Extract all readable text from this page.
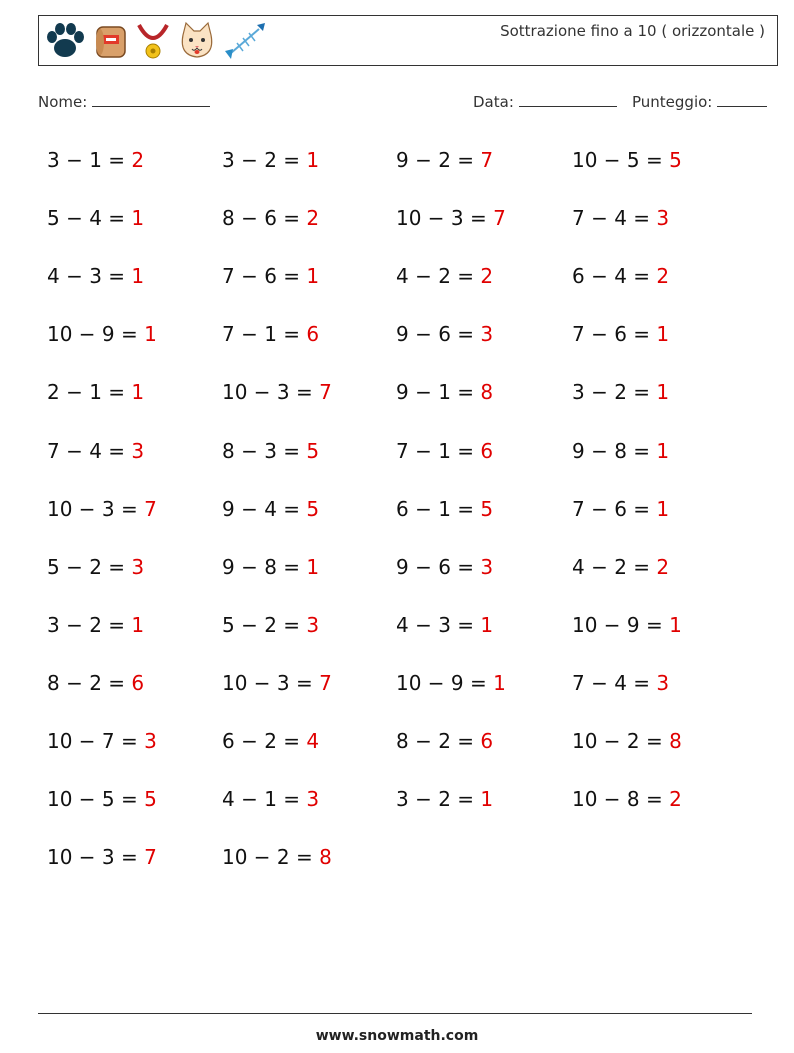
Sottrazione fino a 10 ( orizzontale )
Nome:	Data:	Punteggio:
3 − 1 = 2	3 − 2 = 1	9 − 2 = 7	10 − 5 = 5
5 − 4 = 1	8 − 6 = 2	10 − 3 = 7	7 − 4 = 3
4 − 3 = 1	7 − 6 = 1	4 − 2 = 2	6 − 4 = 2
10 − 9 = 1	7 − 1 = 6	9 − 6 = 3	7 − 6 = 1
2 − 1 = 1	10 − 3 = 7	9 − 1 = 8	3 − 2 = 1
7 − 4 = 3	8 − 3 = 5	7 − 1 = 6	9 − 8 = 1
10 − 3 = 7	9 − 4 = 5	6 − 1 = 5	7 − 6 = 1
5 − 2 = 3	9 − 8 = 1	9 − 6 = 3	4 − 2 = 2
3 − 2 = 1	5 − 2 = 3	4 − 3 = 1	10 − 9 = 1
8 − 2 = 6	10 − 3 = 7	10 − 9 = 1	7 − 4 = 3
10 − 7 = 3	6 − 2 = 4	8 − 2 = 6	10 − 2 = 8
10 − 5 = 5	4 − 1 = 3	3 − 2 = 1	10 − 8 = 2
10 − 3 = 7	10 − 2 = 8
www.snowmath.com
